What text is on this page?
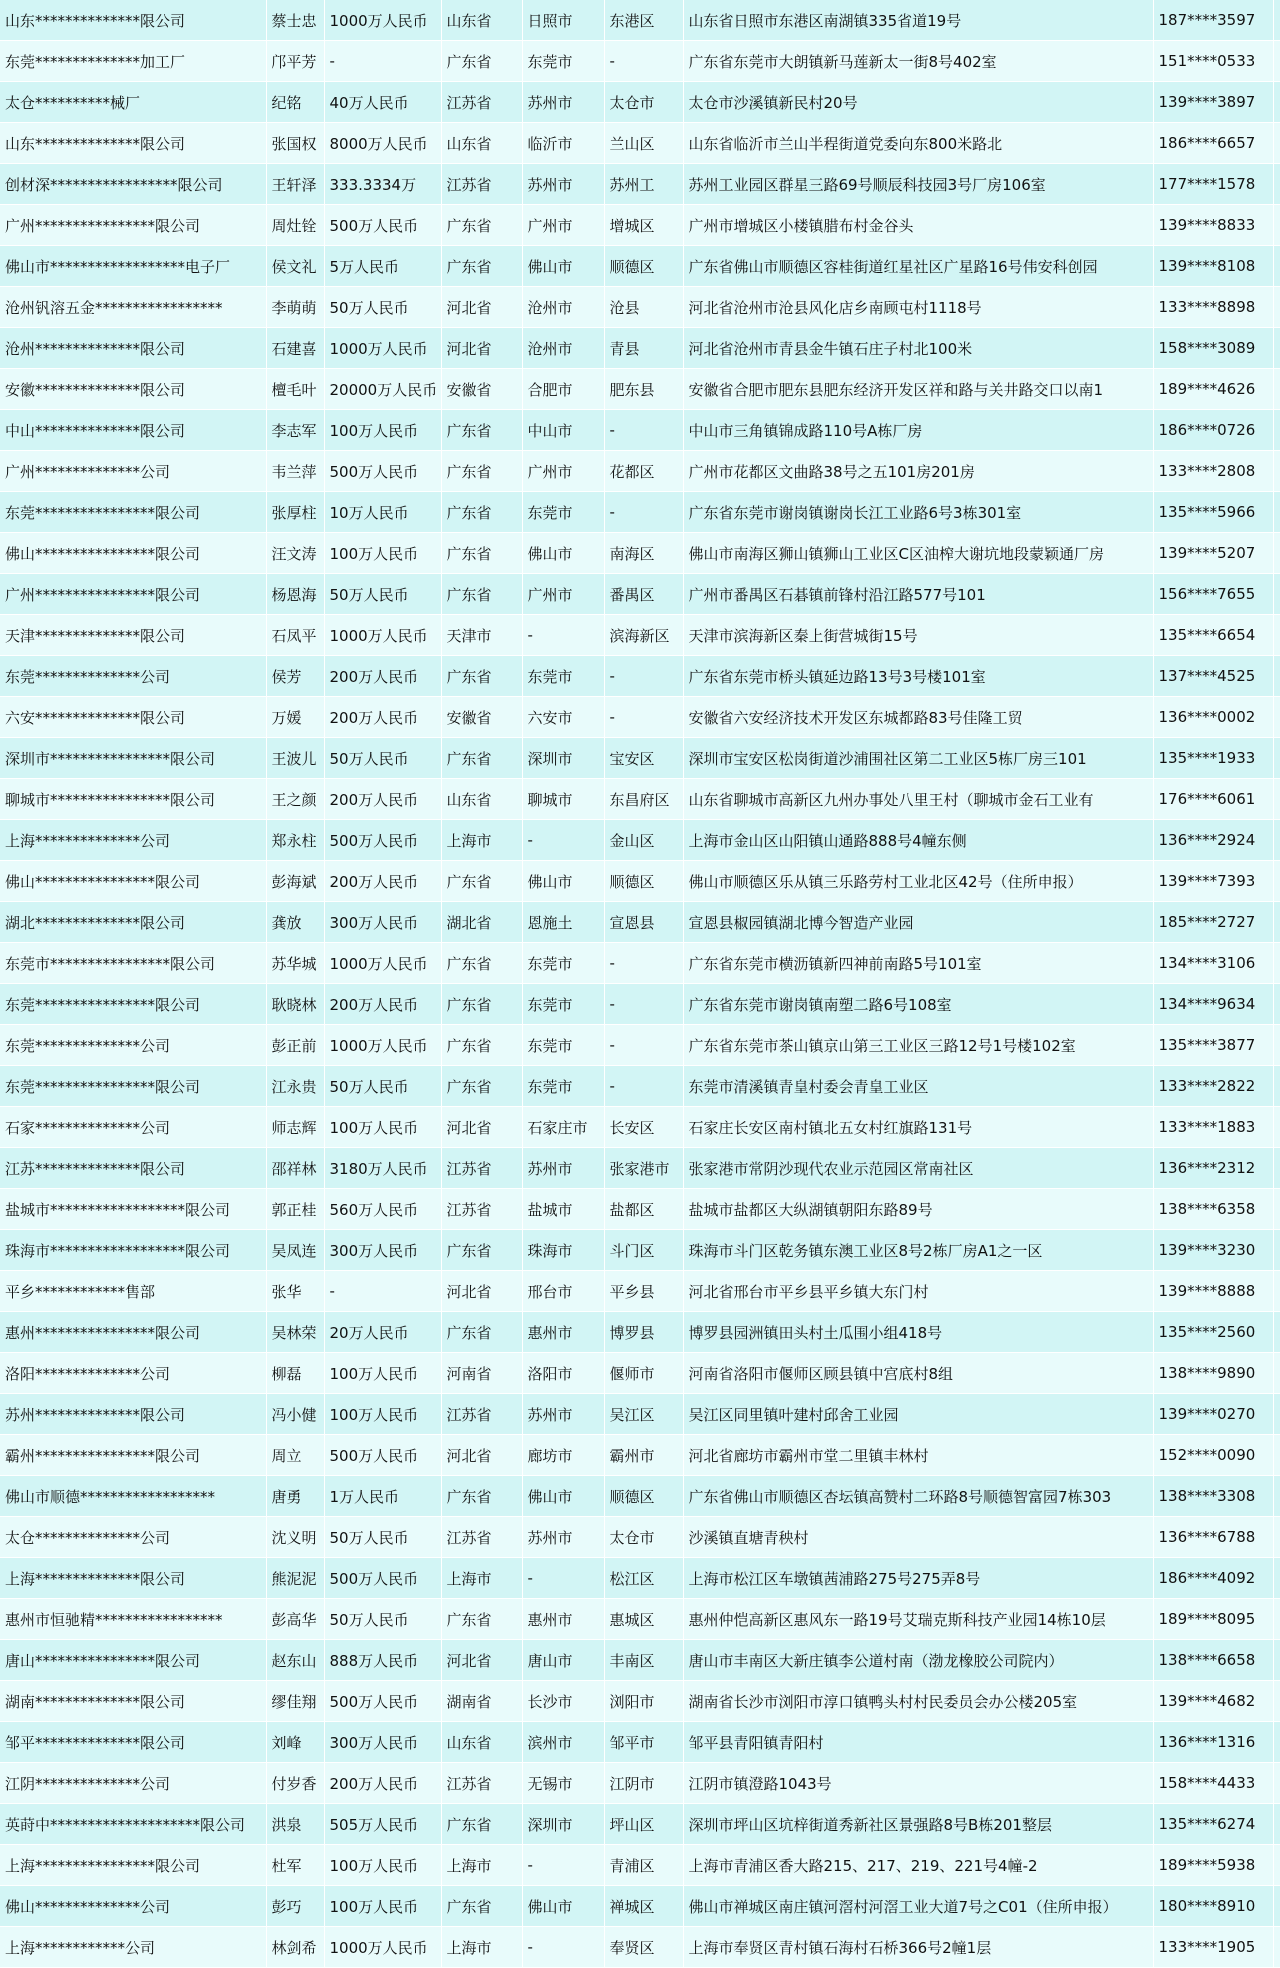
山东**************限公司	蔡士忠	1000万人民币	山东省	日照市	东港区	山东省日照市东港区南湖镇335省道19号	187****3597	
东莞**************加工厂	邝平芳	-	广东省	东莞市	-	广东省东莞市大朗镇新马莲新太一街8号402室	151****0533	
太仓**********械厂	纪铭	40万人民币	江苏省	苏州市	太仓市	太仓市沙溪镇新民村20号	139****3897	
山东**************限公司	张国权	8000万人民币	山东省	临沂市	兰山区	山东省临沂市兰山半程街道党委向东800米路北	186****6657	
创材深*****************限公司	王轩泽	333.3334万	江苏省	苏州市	苏州工	苏州工业园区群星三路69号顺辰科技园3号厂房106室	177****1578	
广州****************限公司	周灶铨	500万人民币	广东省	广州市	增城区	广州市增城区小楼镇腊布村金谷头	139****8833	
佛山市******************电子厂	侯文礼	5万人民币	广东省	佛山市	顺德区	广东省佛山市顺德区容桂街道红星社区广星路16号伟安科创园	139****8108	
沧州钒溶五金*****************	李萌萌	50万人民币	河北省	沧州市	沧县	河北省沧州市沧县风化店乡南顾屯村1118号	133****8898	
沧州**************限公司	石建喜	1000万人民币	河北省	沧州市	青县	河北省沧州市青县金牛镇石庄子村北100米	158****3089	
安徽**************限公司	檀毛叶	20000万人民币	安徽省	合肥市	肥东县	安徽省合肥市肥东县肥东经济开发区祥和路与关井路交口以南1	189****4626	
中山**************限公司	李志军	100万人民币	广东省	中山市	-	中山市三角镇锦成路110号A栋厂房	186****0726	
广州**************公司	韦兰萍	500万人民币	广东省	广州市	花都区	广州市花都区文曲路38号之五101房201房	133****2808	
东莞****************限公司	张厚柱	10万人民币	广东省	东莞市	-	广东省东莞市谢岗镇谢岗长江工业路6号3栋301室	135****5966	
佛山****************限公司	汪文涛	100万人民币	广东省	佛山市	南海区	佛山市南海区狮山镇狮山工业区C区油榨大谢坑地段蒙颖通厂房	139****5207	
广州****************限公司	杨恩海	50万人民币	广东省	广州市	番禺区	广州市番禺区石碁镇前锋村沿江路577号101	156****7655	
天津**************限公司	石凤平	1000万人民币	天津市	-	滨海新区	天津市滨海新区秦上街营城街15号	135****6654	
东莞**************公司	侯芳	200万人民币	广东省	东莞市	-	广东省东莞市桥头镇延边路13号3号楼101室	137****4525	
六安**************限公司	万媛	200万人民币	安徽省	六安市	-	安徽省六安经济技术开发区东城都路83号佳隆工贸	136****0002	
深圳市****************限公司	王波儿	50万人民币	广东省	深圳市	宝安区	深圳市宝安区松岗街道沙浦围社区第二工业区5栋厂房三101	135****1933	
聊城市****************限公司	王之颜	200万人民币	山东省	聊城市	东昌府区	山东省聊城市高新区九州办事处八里王村（聊城市金石工业有	176****6061	
上海**************公司	郑永柱	500万人民币	上海市	-	金山区	上海市金山区山阳镇山通路888号4幢东侧	136****2924	
佛山****************限公司	彭海斌	200万人民币	广东省	佛山市	顺德区	佛山市顺德区乐从镇三乐路劳村工业北区42号（住所申报）	139****7393	
湖北**************限公司	龚放	300万人民币	湖北省	恩施土	宣恩县	宣恩县椒园镇湖北博今智造产业园	185****2727	
东莞市****************限公司	苏华城	1000万人民币	广东省	东莞市	-	广东省东莞市横沥镇新四神前南路5号101室	134****3106	
东莞****************限公司	耿晓林	200万人民币	广东省	东莞市	-	广东省东莞市谢岗镇南塑二路6号108室	134****9634	
东莞**************公司	彭正前	1000万人民币	广东省	东莞市	-	广东省东莞市茶山镇京山第三工业区三路12号1号楼102室	135****3877	
东莞****************限公司	江永贵	50万人民币	广东省	东莞市	-	东莞市清溪镇青皇村委会青皇工业区	133****2822	
石家**************公司	师志辉	100万人民币	河北省	石家庄市	长安区	石家庄长安区南村镇北五女村红旗路131号	133****1883	
江苏**************限公司	邵祥林	3180万人民币	江苏省	苏州市	张家港市	张家港市常阴沙现代农业示范园区常南社区	136****2312	
盐城市******************限公司	郭正桂	560万人民币	江苏省	盐城市	盐都区	盐城市盐都区大纵湖镇朝阳东路89号	138****6358	
珠海市******************限公司	吴凤连	300万人民币	广东省	珠海市	斗门区	珠海市斗门区乾务镇东澳工业区8号2栋厂房A1之一区	139****3230	
平乡************售部	张华	-	河北省	邢台市	平乡县	河北省邢台市平乡县平乡镇大东门村	139****8888	
惠州****************限公司	吴林荣	20万人民币	广东省	惠州市	博罗县	博罗县园洲镇田头村土瓜围小组418号	135****2560	
洛阳**************公司	柳磊	100万人民币	河南省	洛阳市	偃师市	河南省洛阳市偃师区顾县镇中宫底村8组	138****9890	
苏州**************限公司	冯小健	100万人民币	江苏省	苏州市	吴江区	吴江区同里镇叶建村邱舍工业园	139****0270	
霸州****************限公司	周立	500万人民币	河北省	廊坊市	霸州市	河北省廊坊市霸州市堂二里镇丰林村	152****0090	
佛山市顺德******************	唐勇	1万人民币	广东省	佛山市	顺德区	广东省佛山市顺德区杏坛镇高赞村二环路8号顺德智富园7栋303	138****3308	
太仓**************公司	沈义明	50万人民币	江苏省	苏州市	太仓市	沙溪镇直塘青秧村	136****6788	
上海**************限公司	熊泥泥	500万人民币	上海市	-	松江区	上海市松江区车墩镇茜浦路275号275弄8号	186****4092	
惠州市恒驰精*****************	彭高华	50万人民币	广东省	惠州市	惠城区	惠州仲恺高新区惠风东一路19号艾瑞克斯科技产业园14栋10层	189****8095	
唐山****************限公司	赵东山	888万人民币	河北省	唐山市	丰南区	唐山市丰南区大新庄镇李公道村南（渤龙橡胶公司院内）	138****6658	
湖南**************限公司	缪佳翔	500万人民币	湖南省	长沙市	浏阳市	湖南省长沙市浏阳市淳口镇鸭头村村民委员会办公楼205室	139****4682	
邹平**************限公司	刘峰	300万人民币	山东省	滨州市	邹平市	邹平县青阳镇青阳村	136****1316	
江阴**************公司	付岁香	200万人民币	江苏省	无锡市	江阴市	江阴市镇澄路1043号	158****4433	
英莳中********************限公司	洪泉	505万人民币	广东省	深圳市	坪山区	深圳市坪山区坑梓街道秀新社区景强路8号B栋201整层	135****6274	
上海****************限公司	杜军	100万人民币	上海市	-	青浦区	上海市青浦区香大路215、217、219、221号4幢-2	189****5938	
佛山**************公司	彭巧	100万人民币	广东省	佛山市	禅城区	佛山市禅城区南庄镇河滘村河滘工业大道7号之C01（住所申报）	180****8910	
上海************公司	林剑希	1000万人民币	上海市	-	奉贤区	上海市奉贤区青村镇石海村石桥366号2幢1层	133****1905	
